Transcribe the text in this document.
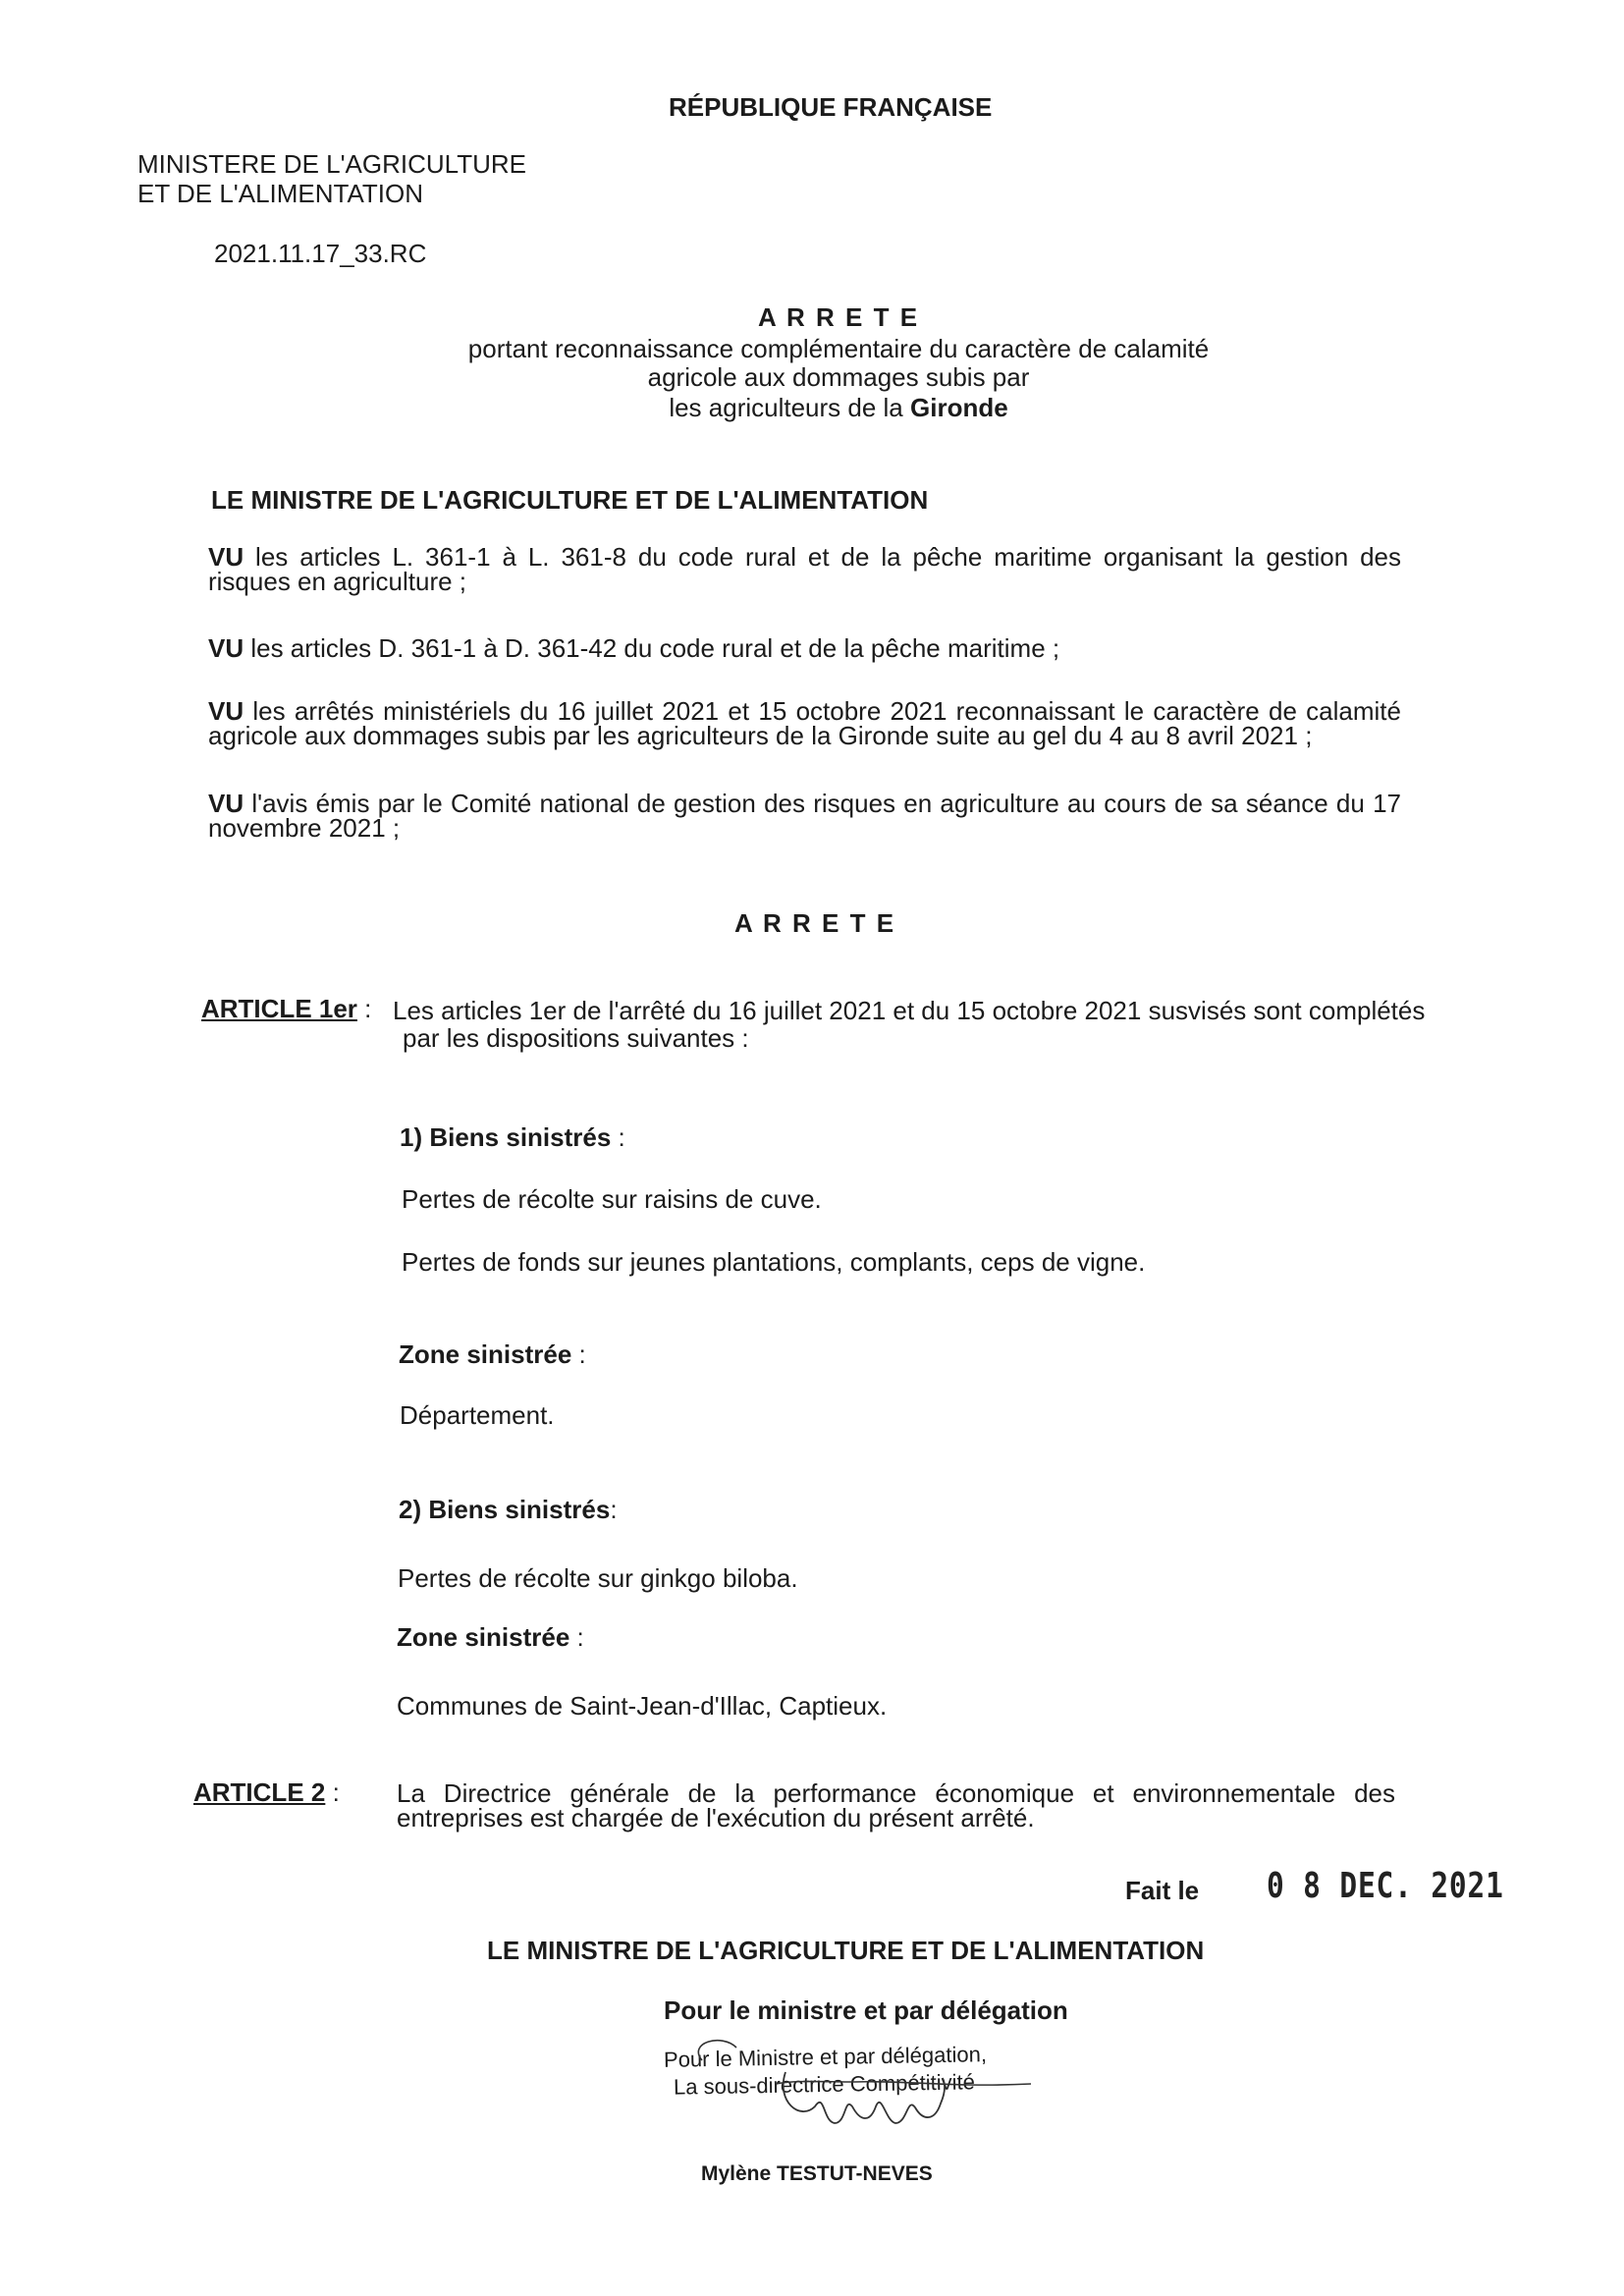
RÉPUBLIQUE FRANÇAISE
MINISTERE DE L'AGRICULTURE
ET DE L'ALIMENTATION
2021.11.17_33.RC
A R R E T E
portant reconnaissance complémentaire du caractère de calamité
agricole aux dommages subis par
les agriculteurs de la Gironde
LE MINISTRE DE L'AGRICULTURE ET DE L'ALIMENTATION
VU les articles L. 361-1 à L. 361-8 du code rural et de la pêche maritime organisant la gestion des risques en agriculture ;
VU les articles D. 361-1 à D. 361-42 du code rural et de la pêche maritime ;
VU les arrêtés ministériels du 16 juillet 2021 et 15 octobre 2021 reconnaissant le caractère de calamité agricole aux dommages subis par les agriculteurs de la Gironde suite au gel du 4 au 8 avril 2021 ;
VU l'avis émis par le Comité national de gestion des risques en agriculture au cours de sa séance du 17 novembre 2021 ;
A R R E T E
ARTICLE 1er : Les articles 1er de l'arrêté du 16 juillet 2021 et du 15 octobre 2021 susvisés sont complétés
par les dispositions suivantes :
1) Biens sinistrés :
Pertes de récolte sur raisins de cuve.
Pertes de fonds sur jeunes plantations, complants, ceps de vigne.
Zone sinistrée :
Département.
2) Biens sinistrés:
Pertes de récolte sur ginkgo biloba.
Zone sinistrée :
Communes de Saint-Jean-d'Illac, Captieux.
ARTICLE 2 : La Directrice générale de la performance économique et environnementale des entreprises est chargée de l'exécution du présent arrêté.
Fait le 0 8 DEC. 2021
LE MINISTRE DE L'AGRICULTURE ET DE L'ALIMENTATION
Pour le ministre et par délégation
Pour le Ministre et par délégation,
La sous-directrice Compétitivité
Mylène TESTUT-NEVES
